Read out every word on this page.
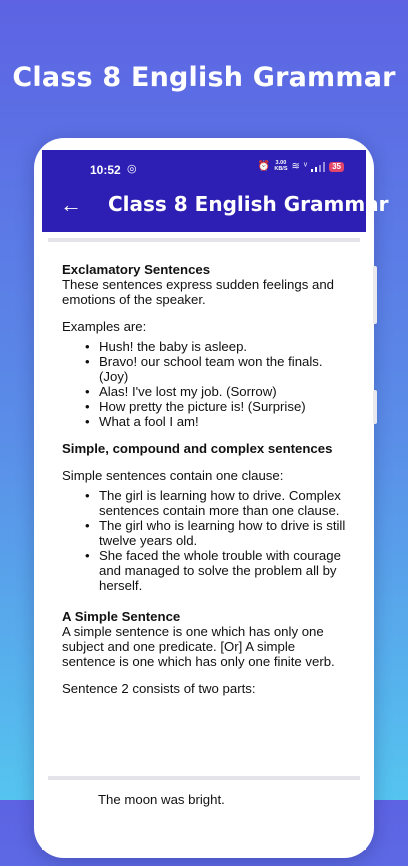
Class 8 English Grammar
10:52 ◎	⏰ 3.00
KB/S ≋ ᵛ	35
← Class 8 English Grammar
Exclamatory Sentences

These sentences express sudden feelings and emotions of the speaker.

Examples are:

• Hush! the baby is asleep.
• Bravo! our school team won the finals. (Joy)
• Alas! I've lost my job. (Sorrow)
• How pretty the picture is! (Surprise)
• What a fool I am!
Simple, compound and complex sentences

Simple sentences contain one clause:

• The girl is learning how to drive. Complex sentences contain more than one clause.
• The girl who is learning how to drive is still twelve years old.
• She faced the whole trouble with courage and managed to solve the problem all by herself.
A Simple Sentence

A simple sentence is one which has only one subject and one predicate. [Or] A simple sentence is one which has only one finite verb.

Sentence 2 consists of two parts:

The moon was bright.
